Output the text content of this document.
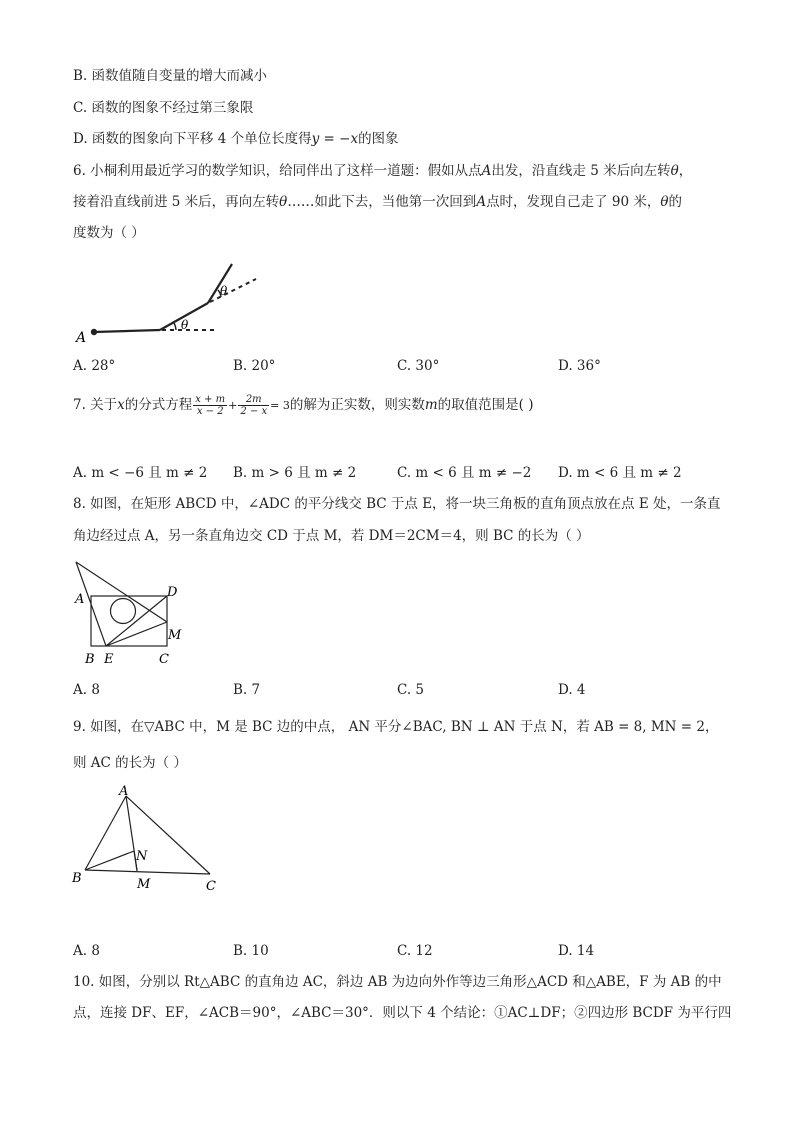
B. 函数值随自变量的增大而减小
C. 函数的图象不经过第三象限
D. 函数的图象向下平移 4 个单位长度得y = −x的图象
6. 小桐利用最近学习的数学知识，给同伴出了这样一道题：假如从点A出发，沿直线走 5 米后向左转θ，
接着沿直线前进 5 米后，再向左转θ……如此下去，当他第一次回到A点时，发现自己走了 90 米，θ的
度数为（ ）
A
θ
θ
A. 28°	B. 20°	C. 30°	D. 36°
7. 关于x的分式方程 $\frac{x + m}{x - 2} + \frac{2m}{2 - x} = 3$的解为正实数，则实数m的取值范围是( )
A. m < −6 且 m ≠ 2 B. m > 6 且 m ≠ 2	C. m < 6 且 m ≠ −2 D. m < 6 且 m ≠ 2
8. 如图，在矩形 ABCD 中，∠ADC 的平分线交 BC 于点 E，将一块三角板的直角顶点放在点 E 处，一条直
角边经过点 A，另一条直角边交 CD 于点 M，若 DM＝2CM＝4，则 BC 的长为（ ）
A	D
M
B E	C
A. 8	B. 7	C. 5	D. 4
9. 如图，在▽ABC 中，M 是 BC 边的中点， AN 平分∠BAC, BN ⊥ AN 于点 N，若 AB = 8, MN = 2，
则 AC 的长为（ ）
A
B
N
M	C
A. 8	B. 10	C. 12	D. 14
10. 如图，分别以 Rt△ABC 的直角边 AC，斜边 AB 为边向外作等边三角形△ACD 和△ABE，F 为 AB 的中
点，连接 DF、EF，∠ACB＝90°，∠ABC＝30°．则以下 4 个结论：①AC⊥DF；②四边形 BCDF 为平行四
